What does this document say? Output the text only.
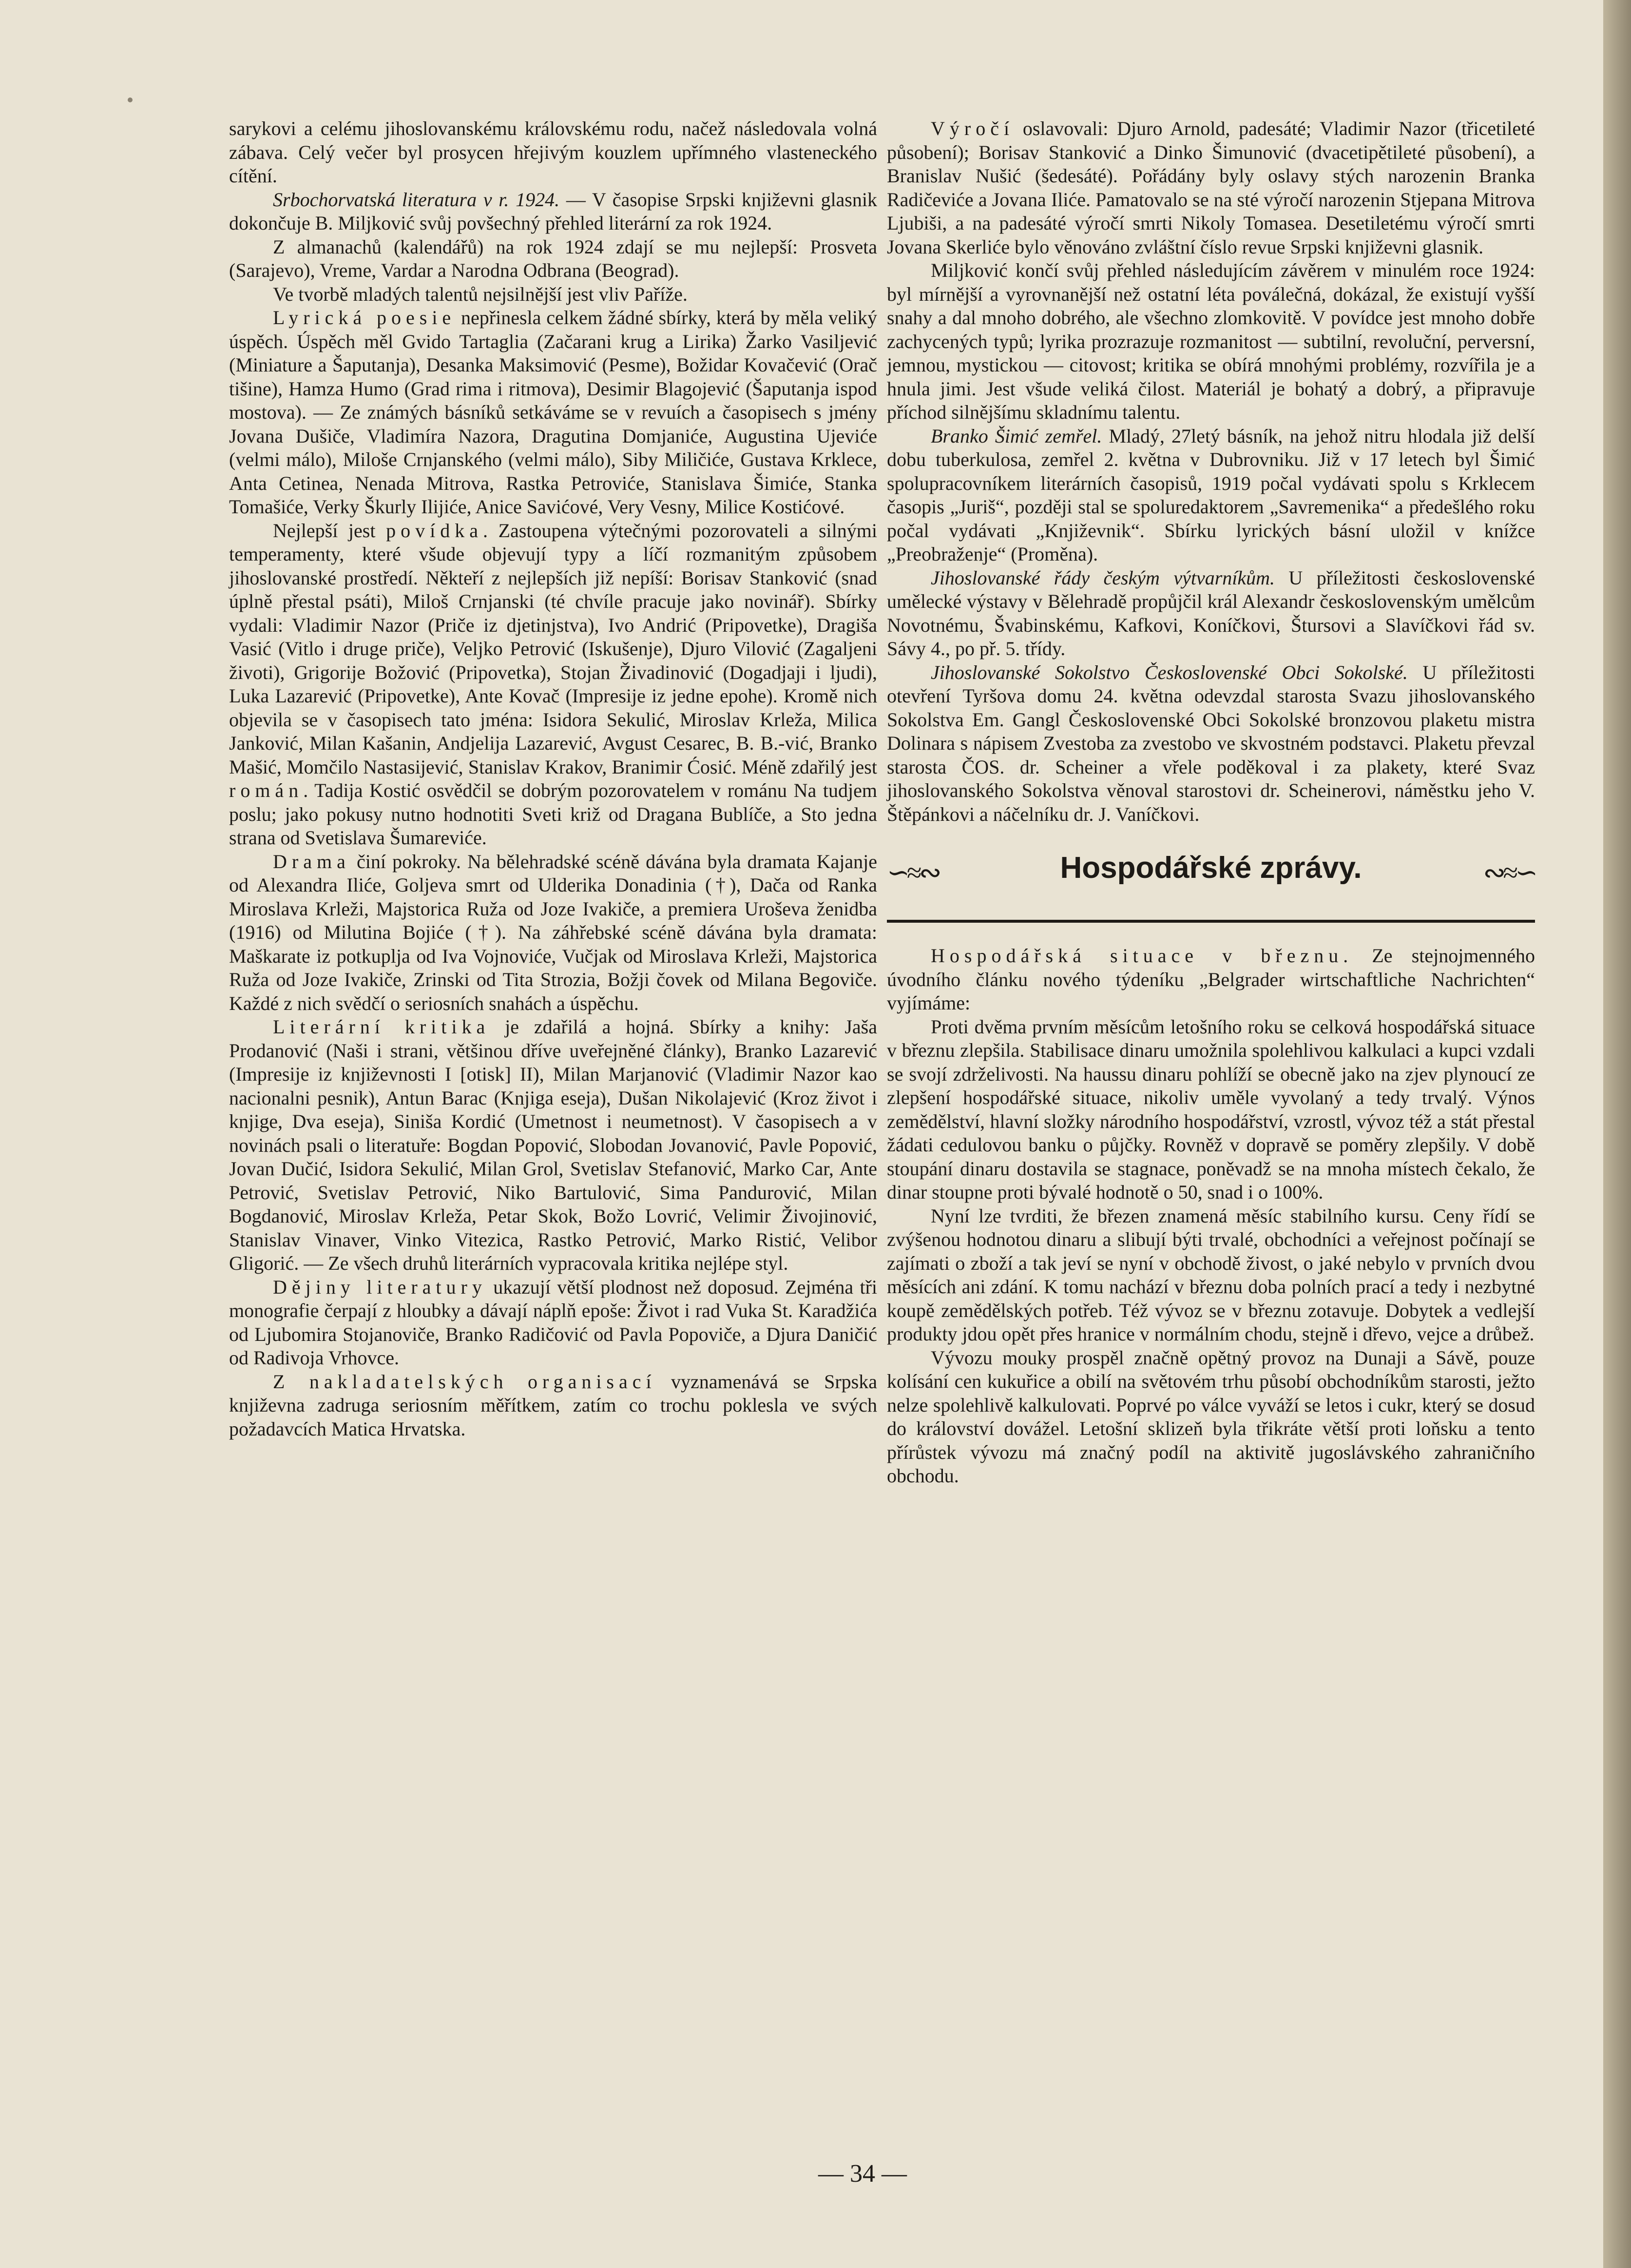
sarykovi a celému jihoslovanskému královskému rodu, načež následovala volná zábava. Celý večer byl prosycen hřejivým kouzlem upřímného vlasteneckého cítění.

Srbochorvatská literatura v r. 1924. — V časopise Srpski književni glasnik dokončuje B. Miljković svůj povšechný přehled literární za rok 1924.

Z almanachů (kalendářů) na rok 1924 zdají se mu nejlepší: Prosveta (Sarajevo), Vreme, Vardar a Narodna Odbrana (Beograd).

Ve tvorbě mladých talentů nejsilnější jest vliv Paříže.

Lyrická poesie nepřinesla celkem žádné sbírky, která by měla veliký úspěch. Úspěch měl Gvido Tartaglia (Začarani krug a Lirika) Žarko Vasiljević (Miniature a Šaputanja), Desanka Maksimović (Pesme), Božidar Kovačević (Orač tišine), Hamza Humo (Grad rima i ritmova), Desimir Blagojević (Šaputanja ispod mostova). — Ze známých básníků setkáváme se v revuích a časopisech s jmény Jovana Dušiče, Vladimíra Nazora, Dragutina Domjaniće, Augustina Ujeviće (velmi málo), Miloše Crnjanského (velmi málo), Siby Miličiće, Gustava Krklece, Anta Cetinea, Nenada Mitrova, Rastka Petroviće, Stanislava Šimiće, Stanka Tomašiće, Verky Škurly Ilijiće, Anice Savićové, Very Vesny, Milice Kostićové.

Nejlepší jest povídka. Zastoupena výtečnými pozorovateli a silnými temperamenty, které všude objevují typy a líčí rozmanitým způsobem jihoslovanské prostředí. Někteří z nejlepších již nepíší: Borisav Stanković (snad úplně přestal psáti), Miloš Crnjanski (té chvíle pracuje jako novinář). Sbírky vydali: Vladimir Nazor (Priče iz djetinjstva), Ivo Andrić (Pripovetke), Dragiša Vasić (Vitlo i druge priče), Veljko Petrović (Iskušenje), Djuro Vilović (Zagaljeni životi), Grigorije Božović (Pripovetka), Stojan Živadinović (Dogadjaji i ljudi), Luka Lazarević (Pripovetke), Ante Kovač (Impresije iz jedne epohe). Kromě nich objevila se v časopisech tato jména: Isidora Sekulić, Miroslav Krleža, Milica Janković, Milan Kašanin, Andjelija Lazarević, Avgust Cesarec, B. B.-vić, Branko Mašić, Momčilo Nastasijević, Stanislav Krakov, Branimir Ćosić. Méně zdařilý jest román. Tadija Kostić osvědčil se dobrým pozorovatelem v románu Na tudjem poslu; jako pokusy nutno hodnotiti Sveti križ od Dragana Bublíče, a Sto jedna strana od Svetislava Šumareviće.

Drama činí pokroky. Na bělehradské scéně dávána byla dramata Kajanje od Alexandra Iliće, Goljeva smrt od Ulderika Donadinia (†), Dača od Ranka Miroslava Krleži, Majstorica Ruža od Joze Ivakiče, a premiera Uroševa ženidba (1916) od Milutina Bojiće (†). Na záhřebské scéně dávána byla dramata: Maškarate iz potkuplja od Iva Vojnoviće, Vučjak od Miroslava Krleži, Majstorica Ruža od Joze Ivakiče, Zrinski od Tita Strozia, Božji čovek od Milana Begoviče. Každé z nich svědčí o seriosních snahách a úspěchu.

Literární kritika je zdařilá a hojná. Sbírky a knihy: Jaša Prodanović (Naši i strani, většinou dříve uveřejněné články), Branko Lazarević (Impresije iz književnosti I [otisk] II), Milan Marjanović (Vladimir Nazor kao nacionalni pesnik), Antun Barac (Knjiga eseja), Dušan Nikolajević (Kroz život i knjige, Dva eseja), Siniša Kordić (Umetnost i neumetnost). V časopisech a v novinách psali o literatuře: Bogdan Popović, Slobodan Jovanović, Pavle Popović, Jovan Dučić, Isidora Sekulić, Milan Grol, Svetislav Stefanović, Marko Car, Ante Petrović, Svetislav Petrović, Niko Bartulović, Sima Pandurović, Milan Bogdanović, Miroslav Krleža, Petar Skok, Božo Lovrić, Velimir Živojinović, Stanislav Vinaver, Vinko Vitezica, Rastko Petrović, Marko Ristić, Velibor Gligorić. — Ze všech druhů literárních vypracovala kritika nejlépe styl.

Dějiny literatury ukazují větší plodnost než doposud. Zejména tři monografie čerpají z hloubky a dávají náplň epoše: Život i rad Vuka St. Karadžića od Ljubomira Stojanoviče, Branko Radičović od Pavla Popoviče, a Djura Daničić od Radivoja Vrhovce.

Z nakladatelských organisací vyznamenává se Srpska književna zadruga seriosním měřítkem, zatím co trochu poklesla ve svých požadavcích Matica Hrvatska.

Výročí oslavovali: Djuro Arnold, padesáté; Vladimir Nazor (třicetileté působení); Borisav Stanković a Dinko Šimunović (dvacetipětileté působení), a Branislav Nušić (šedesáté). Pořádány byly oslavy stých narozenin Branka Radičeviće a Jovana Iliće. Pamatovalo se na sté výročí narozenin Stjepana Mitrova Ljubiši, a na padesáté výročí smrti Nikoly Tomasea. Desetiletému výročí smrti Jovana Skerliće bylo věnováno zvláštní číslo revue Srpski književni glasnik.

Miljković končí svůj přehled následujícím závěrem v minulém roce 1924: byl mírnější a vyrovnanější než ostatní léta poválečná, dokázal, že existují vyšší snahy a dal mnoho dobrého, ale všechno zlomkovitě. V povídce jest mnoho dobře zachycených typů; lyrika prozrazuje rozmanitost — subtilní, revoluční, perversní, jemnou, mystickou — citovost; kritika se obírá mnohými problémy, rozvířila je a hnula jimi. Jest všude veliká čilost. Materiál je bohatý a dobrý, a připravuje příchod silnějšímu skladnímu talentu.

Branko Šimić zemřel. Mladý, 27letý básník, na jehož nitru hlodala již delší dobu tuberkulosa, zemřel 2. května v Dubrovniku. Již v 17 letech byl Šimić spolupracovníkem literárních časopisů, 1919 počal vydávati spolu s Krklecem časopis „Juriš“, později stal se spoluredaktorem „Savremenika“ a předešlého roku počal vydávati „Književnik“. Sbírku lyrických básní uložil v knížce „Preobraženje“ (Proměna).

Jihoslovanské řády českým výtvarníkům. U příležitosti československé umělecké výstavy v Bělehradě propůjčil král Alexandr československým umělcům Novotnému, Švabinskému, Kafkovi, Koníčkovi, Štursovi a Slavíčkovi řád sv. Sávy 4., po př. 5. třídy.

Jihoslovanské Sokolstvo Československé Obci Sokolské. U příležitosti otevření Tyršova domu 24. května odevzdal starosta Svazu jihoslovanského Sokolstva Em. Gangl Československé Obci Sokolské bronzovou plaketu mistra Dolinara s nápisem Zvestoba za zvestobo ve skvostném podstavci. Plaketu převzal starosta ČOS. dr. Scheiner a vřele poděkoval i za plakety, které Svaz jihoslovanského Sokolstva věnoval starostovi dr. Scheinerovi, náměstku jeho V. Štěpánkovi a náčelníku dr. J. Vaníčkovi.

∽≈∾	Hospodářské zprávy.	∾≈∽

Hospodářská situace v březnu. Ze stejnojmenného úvodního článku nového týdeníku „Belgrader wirtschaftliche Nachrichten“ vyjímáme:

Proti dvěma prvním měsícům letošního roku se celková hospodářská situace v březnu zlepšila. Stabilisace dinaru umožnila spolehlivou kalkulaci a kupci vzdali se svojí zdrželivosti. Na haussu dinaru pohlíží se obecně jako na zjev plynoucí ze zlepšení hospodářské situace, nikoliv uměle vyvolaný a tedy trvalý. Výnos zemědělství, hlavní složky národního hospodářství, vzrostl, vývoz též a stát přestal žádati cedulovou banku o půjčky. Rovněž v dopravě se poměry zlepšily. V době stoupání dinaru dostavila se stagnace, poněvadž se na mnoha místech čekalo, že dinar stoupne proti bývalé hodnotě o 50, snad i o 100%.

Nyní lze tvrditi, že březen znamená měsíc stabilního kursu. Ceny řídí se zvýšenou hodnotou dinaru a slibují býti trvalé, obchodníci a veřejnost počínají se zajímati o zboží a tak jeví se nyní v obchodě živost, o jaké nebylo v prvních dvou měsících ani zdání. K tomu nachází v březnu doba polních prací a tedy i nezbytné koupě zemědělských potřeb. Též vývoz se v březnu zotavuje. Dobytek a vedlejší produkty jdou opět přes hranice v normálním chodu, stejně i dřevo, vejce a drůbež.

Vývozu mouky prospěl značně opětný provoz na Dunaji a Sávě, pouze kolísání cen kukuřice a obilí na světovém trhu působí obchodníkům starosti, ježto nelze spolehlivě kalkulovati. Poprvé po válce vyváží se letos i cukr, který se dosud do království dovážel. Letošní sklizeň byla třikráte větší proti loňsku a tento přírůstek vývozu má značný podíl na aktivitě jugoslávského zahraničního obchodu.

— 34 —
